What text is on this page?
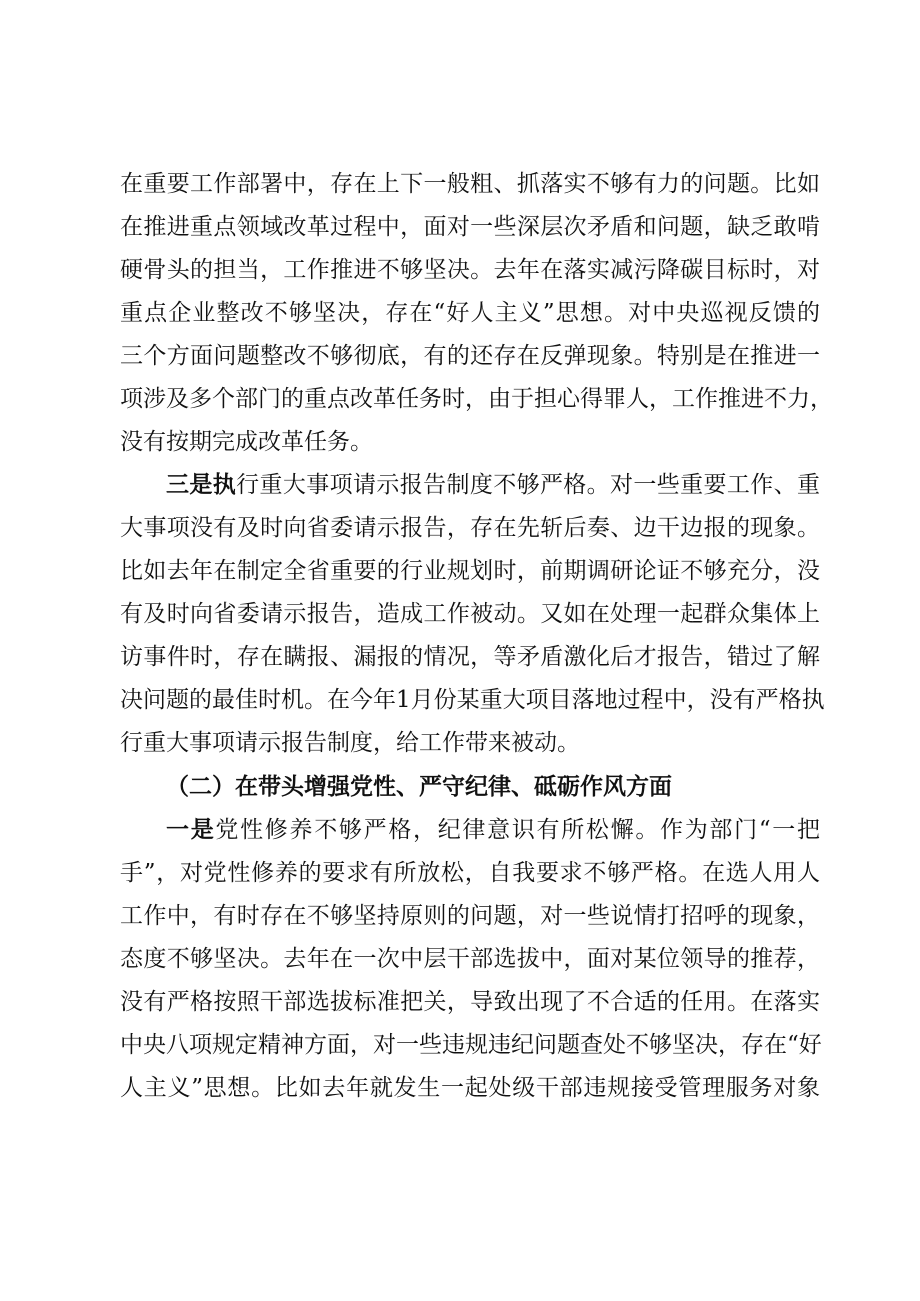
在重要工作部署中，存在上下一般粗、抓落实不够有力的问题。比如
在推进重点领域改革过程中，面对一些深层次矛盾和问题，缺乏敢啃
硬骨头的担当，工作推进不够坚决。去年在落实减污降碳目标时，对
重点企业整改不够坚决，存在“好人主义”思想。对中央巡视反馈的
三个方面问题整改不够彻底，有的还存在反弹现象。特别是在推进一
项涉及多个部门的重点改革任务时，由于担心得罪人，工作推进不力，
没有按期完成改革任务。
三是执行重大事项请示报告制度不够严格。对一些重要工作、重
大事项没有及时向省委请示报告，存在先斩后奏、边干边报的现象。
比如去年在制定全省重要的行业规划时，前期调研论证不够充分，没
有及时向省委请示报告，造成工作被动。又如在处理一起群众集体上
访事件时，存在瞒报、漏报的情况，等矛盾激化后才报告，错过了解
决问题的最佳时机。在今年1月份某重大项目落地过程中，没有严格执
行重大事项请示报告制度，给工作带来被动。
（二）在带头增强党性、严守纪律、砥砺作风方面
一是党性修养不够严格，纪律意识有所松懈。作为部门“一把
手”，对党性修养的要求有所放松，自我要求不够严格。在选人用人
工作中，有时存在不够坚持原则的问题，对一些说情打招呼的现象，
态度不够坚决。去年在一次中层干部选拔中，面对某位领导的推荐，
没有严格按照干部选拔标准把关，导致出现了不合适的任用。在落实
中央八项规定精神方面，对一些违规违纪问题查处不够坚决，存在“好
人主义”思想。比如去年就发生一起处级干部违规接受管理服务对象
